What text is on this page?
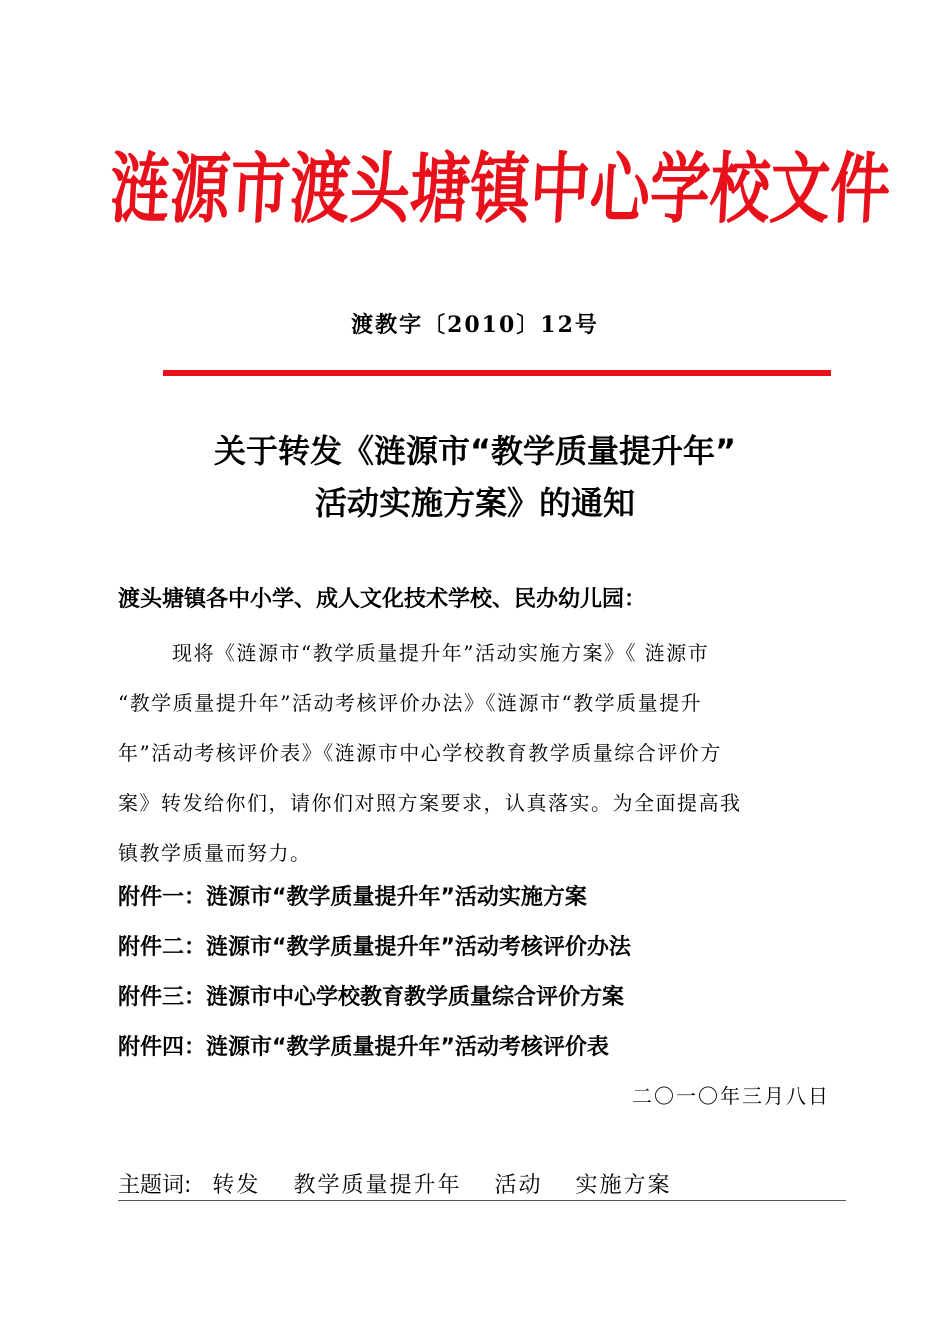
涟
源
市
渡
头
塘
镇
中
心
学
校
文
件
渡教字〔2010〕12号
关于转发《涟源市“教学质量提升年”
活动实施方案》的通知
渡头塘镇各中小学、成人文化技术学校、民办幼儿园：
现将《涟源市“教学质量提升年”活动实施方案》《 涟源市
“教学质量提升年”活动考核评价办法》《涟源市“教学质量提升
年”活动考核评价表》《涟源市中心学校教育教学质量综合评价方
案》转发给你们，请你们对照方案要求，认真落实。为全面提高我
镇教学质量而努力。
附件一：涟源市“教学质量提升年”活动实施方案
附件二：涟源市“教学质量提升年”活动考核评价办法
附件三：涟源市中心学校教育教学质量综合评价方案
附件四：涟源市“教学质量提升年”活动考核评价表
二〇一〇年三月八日
主题词: 转发 教学质量提升年 活动 实施方案
